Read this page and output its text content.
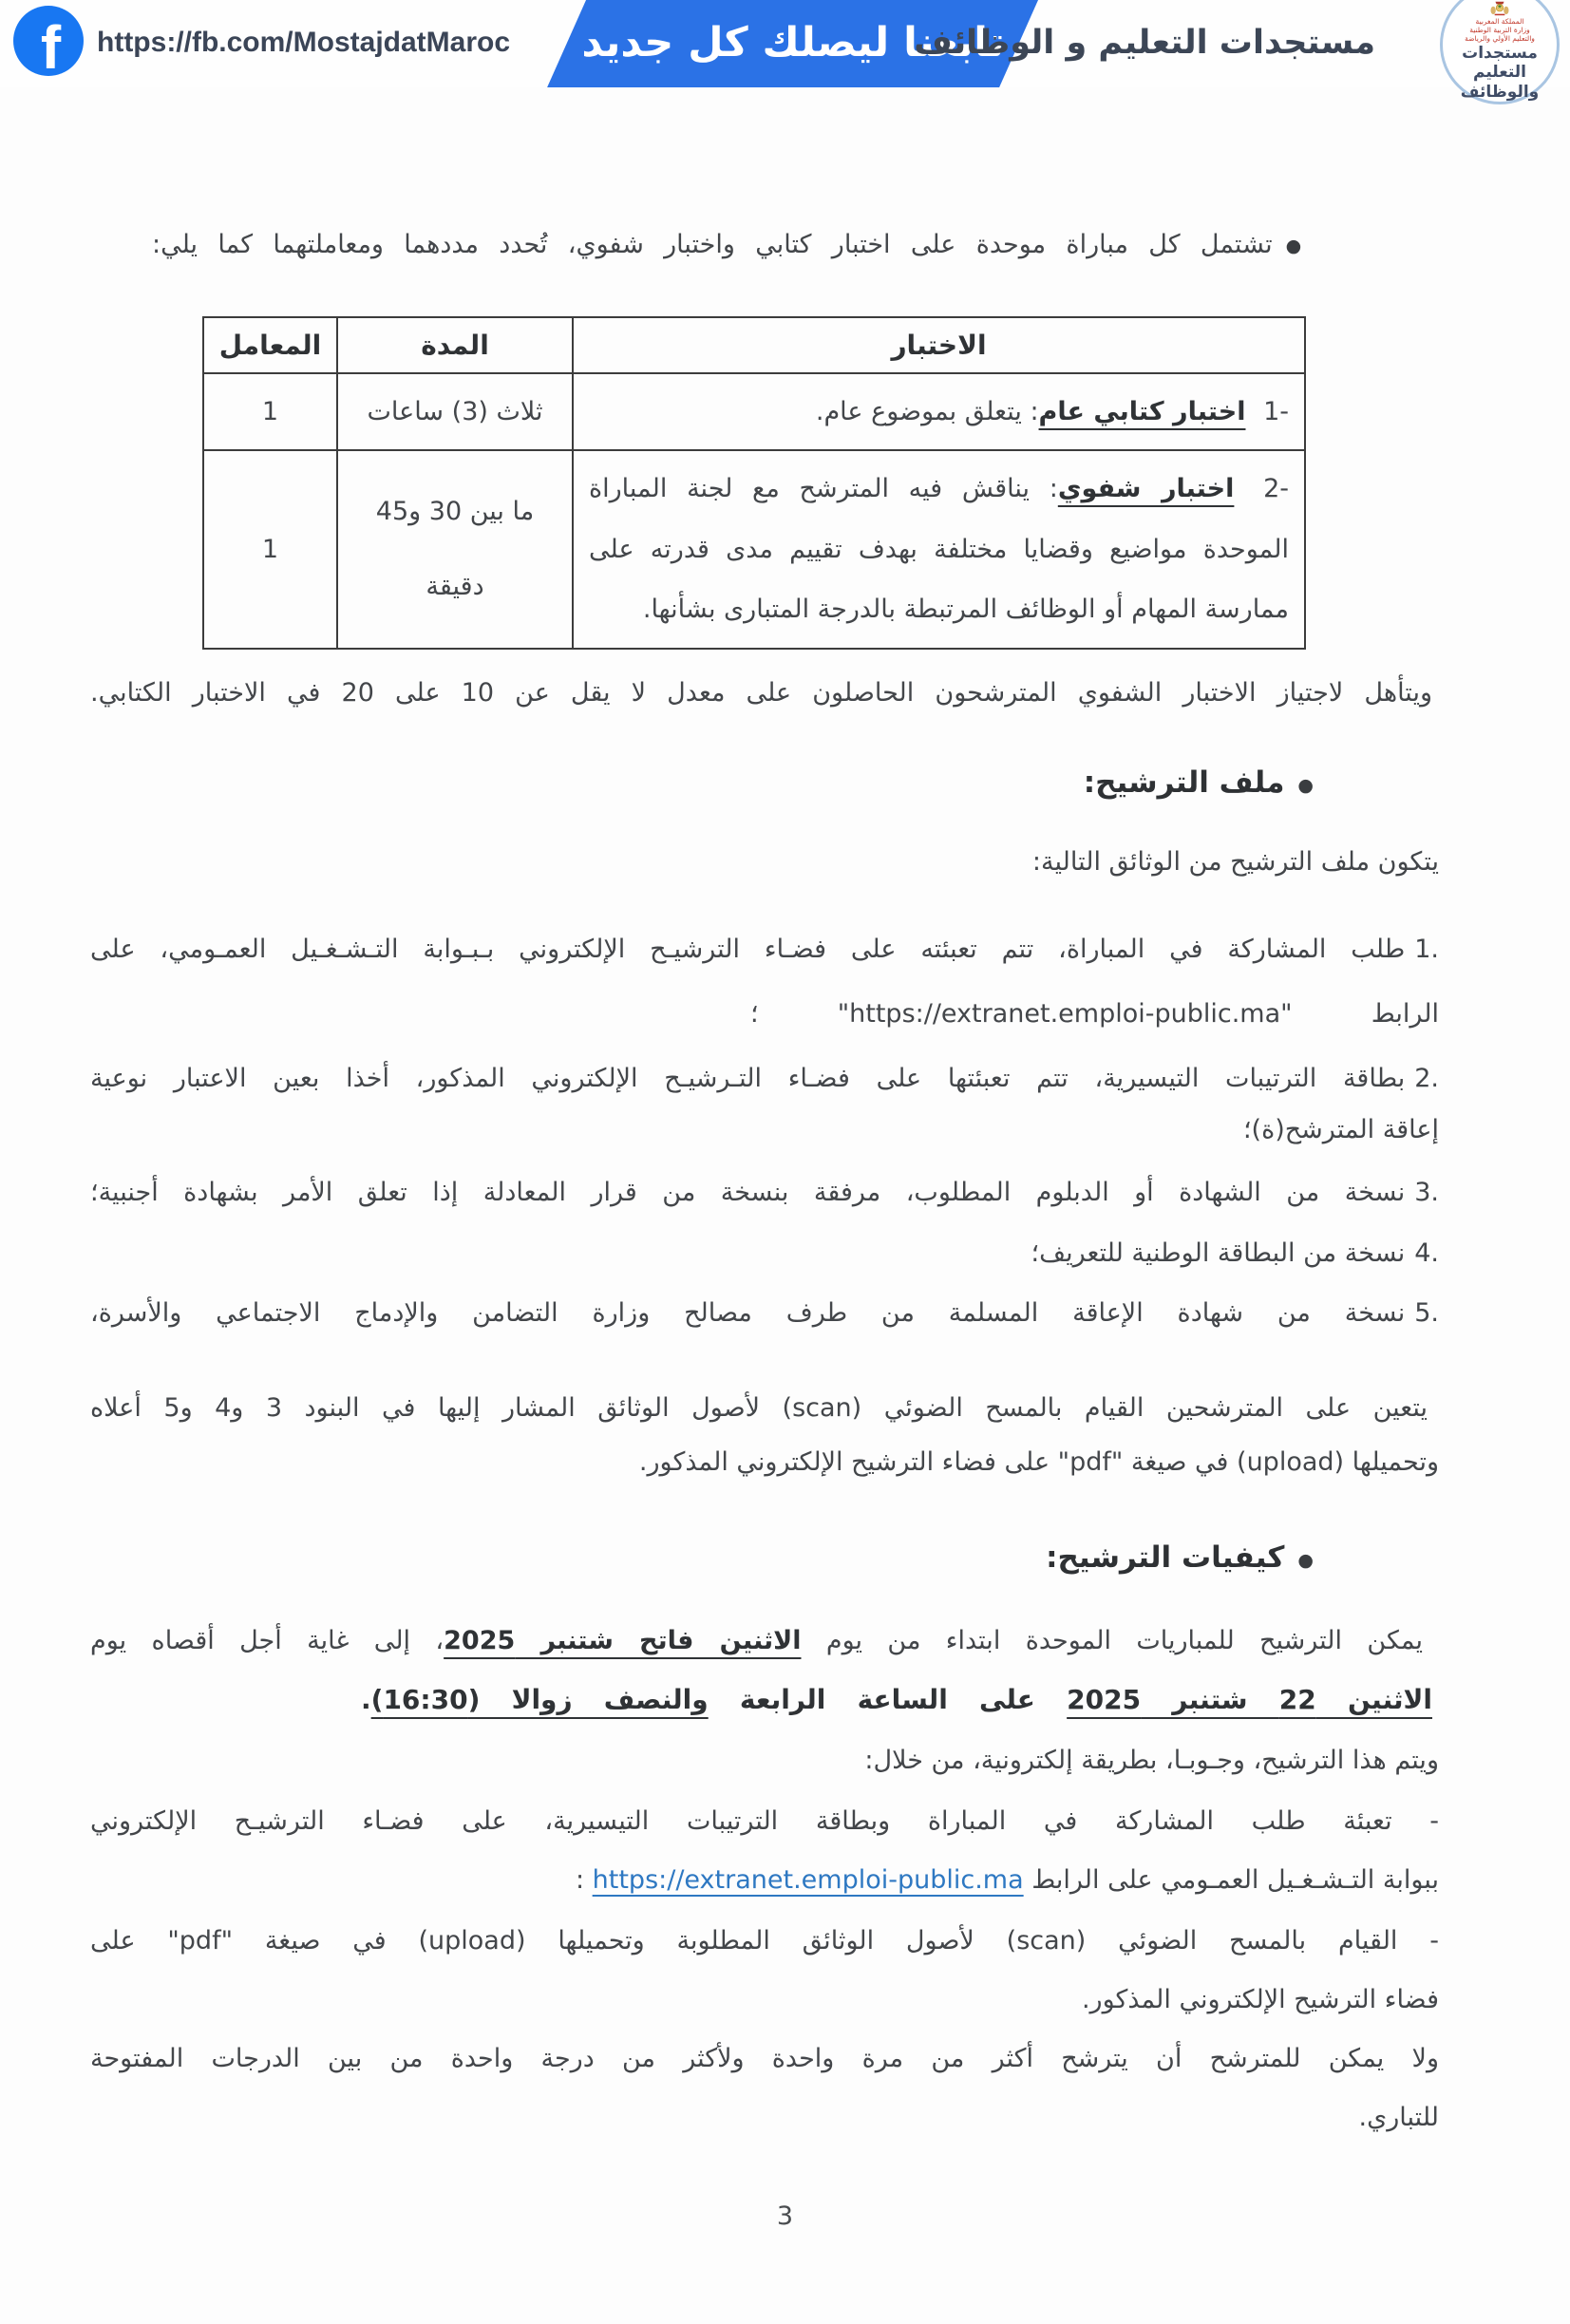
f https://fb.com/MostajdatMaroc تابعنا ليصلك كل جديد
مستجدات التعليم و الوظائف
المملكة المغربية
وزارة التربية الوطنية
والتعليم الأولي والرياضة
مستجدات التعليم
والوظائف
●تشتمل كل مباراة موحدة على اختبار كتابي واختبار شفوي، تُحدد مددهما ومعاملتهما كما يلي:
الاختبار	المدة	المعامل
1- اختبار كتابي عام: يتعلق بموضوع عام.	ثلاث (3) ساعات	1
2- اختبار شفوي: يناقش فيه المترشح مع لجنة المباراة الموحدة مواضيع وقضايا مختلفة بهدف تقييم مدى قدرته على ممارسة المهام أو الوظائف المرتبطة بالدرجة المتبارى بشأنها.	ما بين 30 و45 دقيقة	1
ويتأهل لاجتياز الاختبار الشفوي المترشحون الحاصلون على معدل لا يقل عن 10 على 20 في الاختبار الكتابي.
●ملف الترشيح:
يتكون ملف الترشيح من الوثائق التالية:
1.طلب المشاركة في المباراة، تتم تعبئته على فضـاء الترشيـح الإلكتروني بـبـوابة التـشـغـيل العمـومي، على
الرابط "https://extranet.emploi-public.ma" ؛
2.بطاقة الترتيبات التيسيرية، تتم تعبئتها على فضـاء التـرشيـح الإلكتروني المذكور، أخذا بعين الاعتبار نوعية
إعاقة المترشح(ة)؛
3.نسخة من الشهادة أو الدبلوم المطلوب، مرفقة بنسخة من قرار المعادلة إذا تعلق الأمر بشهادة أجنبية؛
4.نسخة من البطاقة الوطنية للتعريف؛
5.نسخة من شهادة الإعاقة المسلمة من طرف مصالح وزارة التضامن والإدماج الاجتماعي والأسرة،
يتعين على المترشحين القيام بالمسح الضوئي (scan) لأصول الوثائق المشار إليها في البنود 3 و4 و5 أعلاه
وتحميلها (upload) في صيغة "pdf" على فضاء الترشيح الإلكتروني المذكور.
●كيفيات الترشيح:
يمكن الترشيح للمباريات الموحدة ابتداء من يوم الاثنين فاتح شتنبر 2025، إلى غاية أجل أقصاه يوم
الاثنين 22 شتنبر 2025 على الساعة الرابعة والنصف زوالا (16:30).
ويتم هذا الترشيح، وجـوبـا، بطريقة إلكترونية، من خلال:
- تعبئة طلب المشاركة في المباراة وبطاقة الترتيبات التيسيرية، على فضـاء الترشيـح الإلكتروني
ببوابة التـشـغـيل العمـومي على الرابط https://extranet.emploi-public.ma :
- القيام بالمسح الضوئي (scan) لأصول الوثائق المطلوبة وتحميلها (upload) في صيغة "pdf" على
فضاء الترشيح الإلكتروني المذكور.
ولا يمكن للمترشح أن يترشح أكثر من مرة واحدة ولأكثر من درجة واحدة من بين الدرجات المفتوحة
للتباري.
3
